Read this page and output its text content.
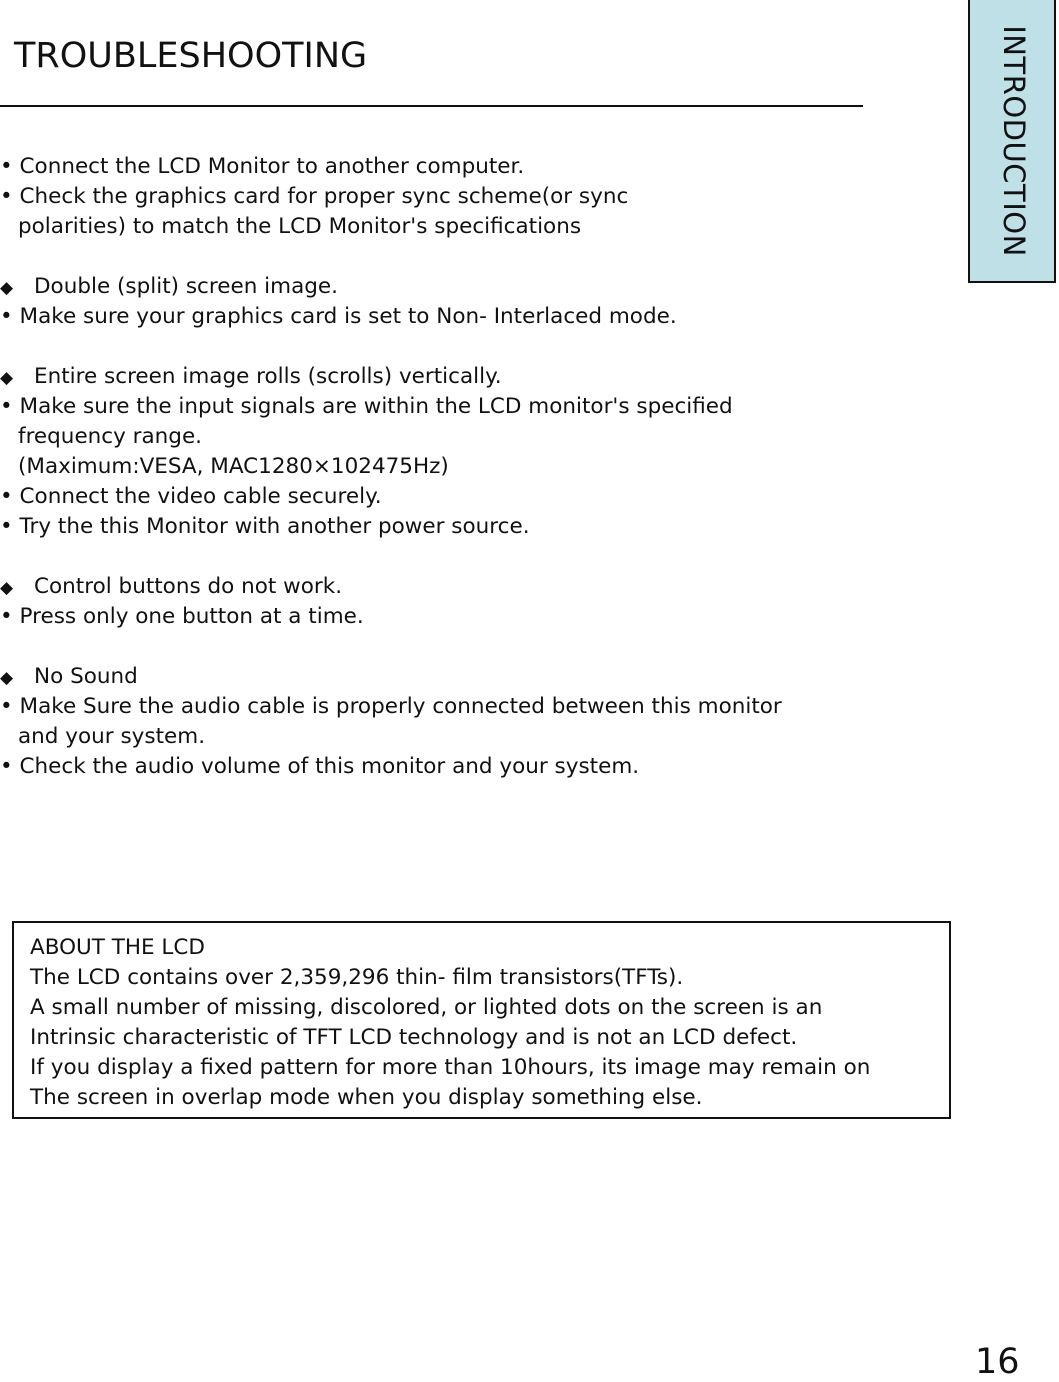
TROUBLESHOOTING	INTRODUCTION
• Connect the LCD Monitor to another computer.
• Check the graphics card for proper sync scheme(or sync
polarities) to match the LCD Monitor's specifications
◆ Double (split) screen image.
• Make sure your graphics card is set to Non- Interlaced mode.
◆ Entire screen image rolls (scrolls) vertically.
• Make sure the input signals are within the LCD monitor's specified
frequency range.
(Maximum:VESA, MAC1280×102475Hz)
• Connect the video cable securely.
• Try the this Monitor with another power source.
◆ Control buttons do not work.
• Press only one button at a time.
◆ No Sound
• Make Sure the audio cable is properly connected between this monitor
and your system.
• Check the audio volume of this monitor and your system.
ABOUT THE LCD
The LCD contains over 2,359,296 thin- film transistors(TFTs).
A small number of missing, discolored, or lighted dots on the screen is an
Intrinsic characteristic of TFT LCD technology and is not an LCD defect.
If you display a fixed pattern for more than 10hours, its image may remain on
The screen in overlap mode when you display something else.
16
